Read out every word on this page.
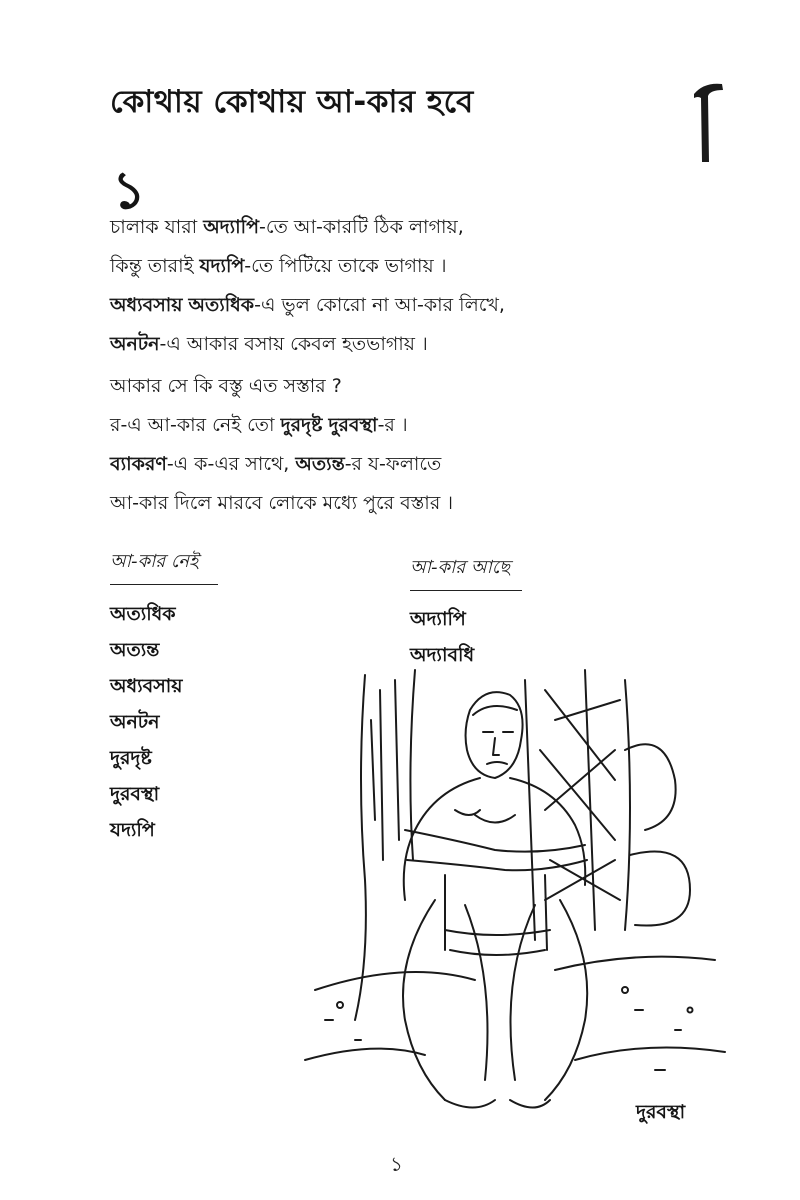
কোথায় কোথায় আ-কার হবে
১
চালাক যারা অদ্যাপি-তে আ-কারটি ঠিক লাগায়,
কিন্তু তারাই যদ্যপি-তে পিটিয়ে তাকে ভাগায় ।
অধ্যবসায় অত্যধিক-এ ভুল কোরো না আ-কার লিখে,
অনটন-এ আকার বসায় কেবল হতভাগায় ।
আকার সে কি বস্তু এত সস্তার ?
র-এ আ-কার নেই তো দুরদৃষ্ট দুরবস্থা-র ।
ব্যাকরণ-এ ক-এর সাথে, অত্যন্ত-র য-ফলাতে
আ-কার দিলে মারবে লোকে মধ্যে পুরে বস্তার ।
আ-কার নেই	আ-কার আছে
অত্যধিক
অত্যন্ত
অধ্যবসায়
অনটন
দুরদৃষ্ট
দুরবস্থা
যদ্যপি
অদ্যাপি
অদ্যাবধি
দুরবস্থা
১
